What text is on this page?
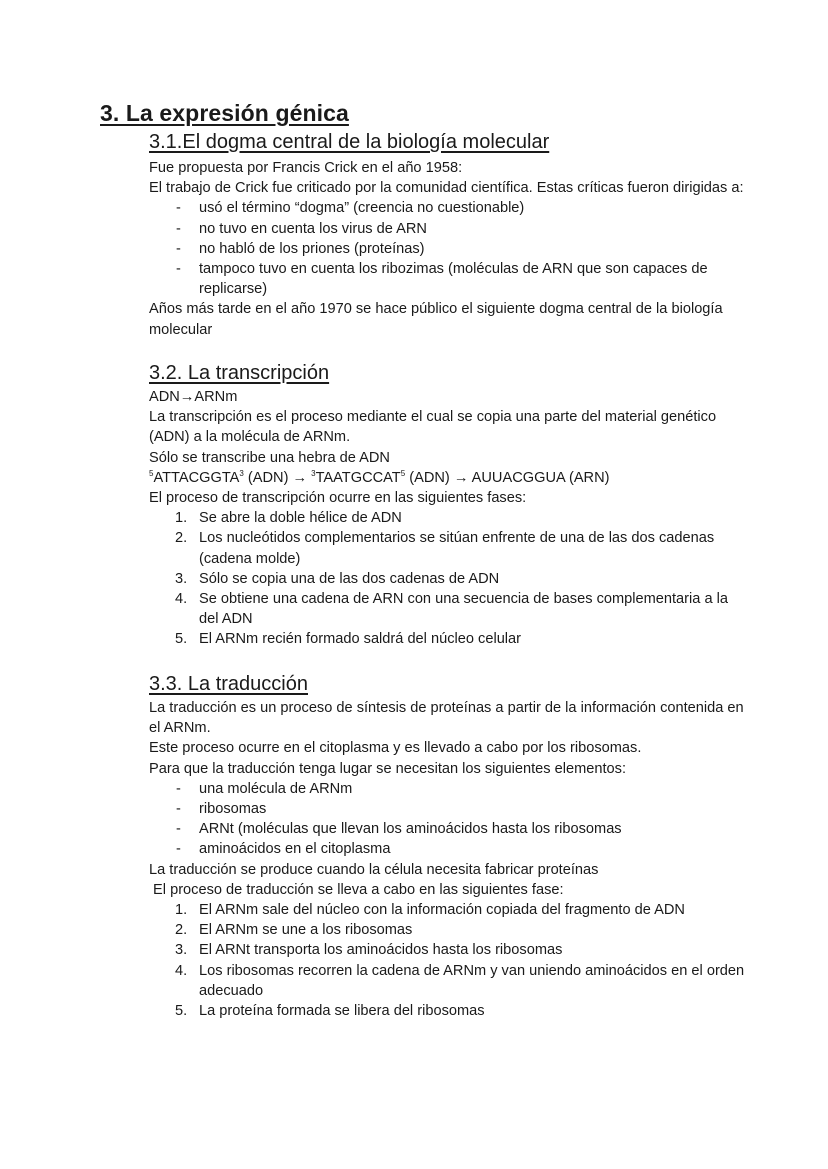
3. La expresión génica
3.1.El dogma central de la biología molecular

Fue propuesta por Francis Crick en el año 1958:

El trabajo de Crick fue criticado por la comunidad científica. Estas críticas fueron dirigidas a:

- usó el término “dogma” (creencia no cuestionable)
- no tuvo en cuenta los virus de ARN
- no habló de los priones (proteínas)
- tampoco tuvo en cuenta los ribozimas (moléculas de ARN que son capaces de replicarse)

Años más tarde en el año 1970 se hace público el siguiente dogma central de la biología molecular

3.2. La transcripción

ADN→ARNm

La transcripción es el proceso mediante el cual se copia una parte del material genético (ADN) a la molécula de ARNm.

Sólo se transcribe una hebra de ADN

$^5$ATTACGGTA$^3$ $(ADN) \to ^3TAATGCCAT^5$ (ADN) → AUUACGGUA (ARN)

El proceso de transcripción ocurre en las siguientes fases:

1. Se abre la doble hélice de ADN
2. Los nucleótidos complementarios se sitúan enfrente de una de las dos cadenas (cadena molde)
3. Sólo se copia una de las dos cadenas de ADN
4. Se obtiene una cadena de ARN con una secuencia de bases complementaria a la del ADN
5. El ARNm recién formado saldrá del núcleo celular
3.3. La traducción

La traducción es un proceso de síntesis de proteínas a partir de la información contenida en el ARNm.

Este proceso ocurre en el citoplasma y es llevado a cabo por los ribosomas.

Para que la traducción tenga lugar se necesitan los siguientes elementos:

- una molécula de ARNm
- ribosomas
- ARNt (moléculas que llevan los aminoácidos hasta los ribosomas
- aminoácidos en el citoplasma

La traducción se produce cuando la célula necesita fabricar proteínas

El proceso de traducción se lleva a cabo en las siguientes fase:

1. El ARNm sale del núcleo con la información copiada del fragmento de ADN
2. El ARNm se une a los ribosomas
3. El ARNt transporta los aminoácidos hasta los ribosomas
4. Los ribosomas recorren la cadena de ARNm y van uniendo aminoácidos en el orden adecuado
5. La proteína formada se libera del ribosomas
